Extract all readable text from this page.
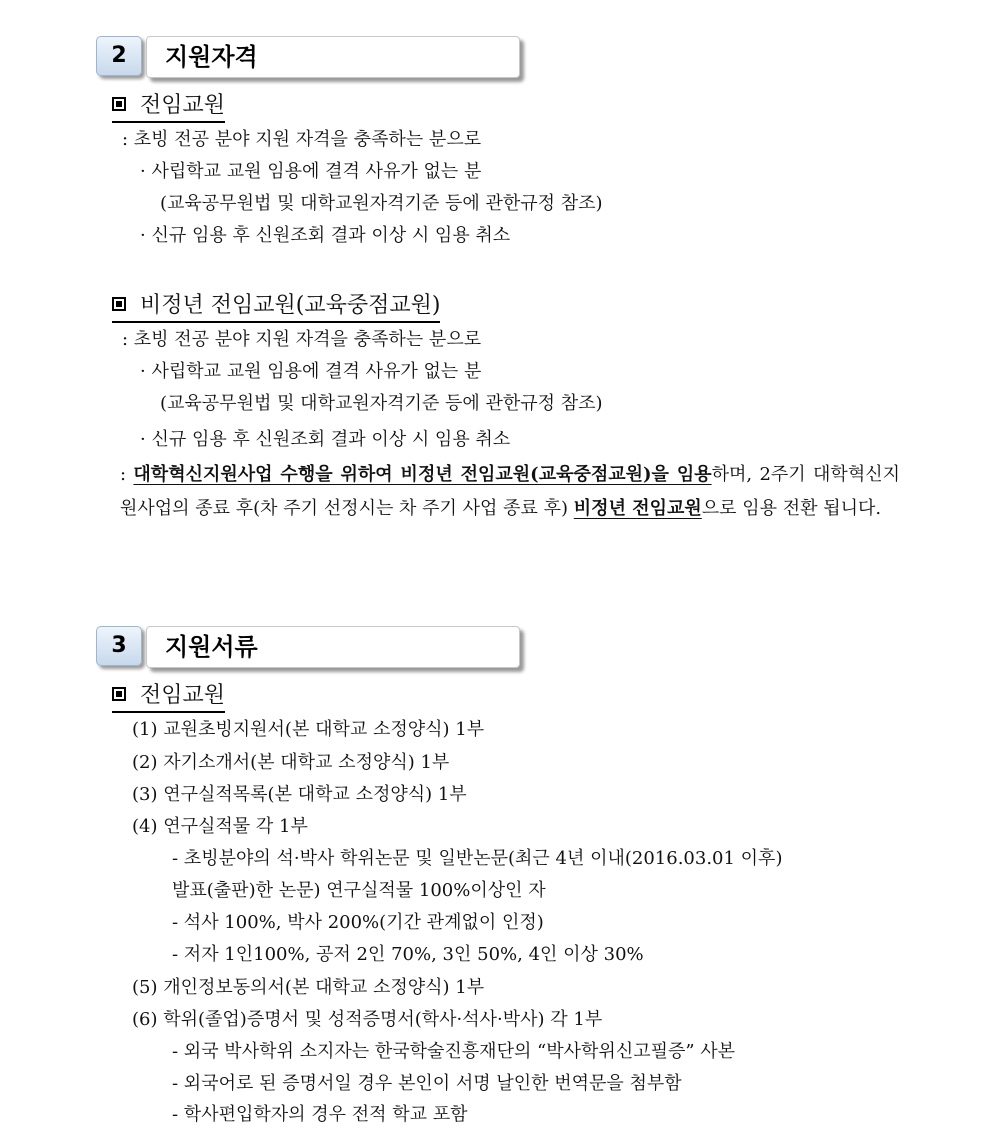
2	지원자격
전임교원
: 초빙 전공 분야 지원 자격을 충족하는 분으로
· 사립학교 교원 임용에 결격 사유가 없는 분
(교육공무원법 및 대학교원자격기준 등에 관한규정 참조)
· 신규 임용 후 신원조회 결과 이상 시 임용 취소
비정년 전임교원(교육중점교원)
: 초빙 전공 분야 지원 자격을 충족하는 분으로
· 사립학교 교원 임용에 결격 사유가 없는 분
(교육공무원법 및 대학교원자격기준 등에 관한규정 참조)
· 신규 임용 후 신원조회 결과 이상 시 임용 취소
: 대학혁신지원사업 수행을 위하여 비정년 전임교원(교육중점교원)을 임용하며, 2주기 대학혁신지원사업의 종료 후(차 주기 선정시는 차 주기 사업 종료 후) 비정년 전임교원으로 임용 전환 됩니다.
3	지원서류
전임교원
(1) 교원초빙지원서(본 대학교 소정양식) 1부
(2) 자기소개서(본 대학교 소정양식) 1부
(3) 연구실적목록(본 대학교 소정양식) 1부
(4) 연구실적물 각 1부
- 초빙분야의 석·박사 학위논문 및 일반논문(최근 4년 이내(2016.03.01 이후)
발표(출판)한 논문) 연구실적물 100%이상인 자
- 석사 100%, 박사 200%(기간 관계없이 인정)
- 저자 1인100%, 공저 2인 70%, 3인 50%, 4인 이상 30%
(5) 개인정보동의서(본 대학교 소정양식) 1부
(6) 학위(졸업)증명서 및 성적증명서(학사·석사·박사) 각 1부
- 외국 박사학위 소지자는 한국학술진흥재단의 “박사학위신고필증” 사본
- 외국어로 된 증명서일 경우 본인이 서명 날인한 번역문을 첨부함
- 학사편입학자의 경우 전적 학교 포함
